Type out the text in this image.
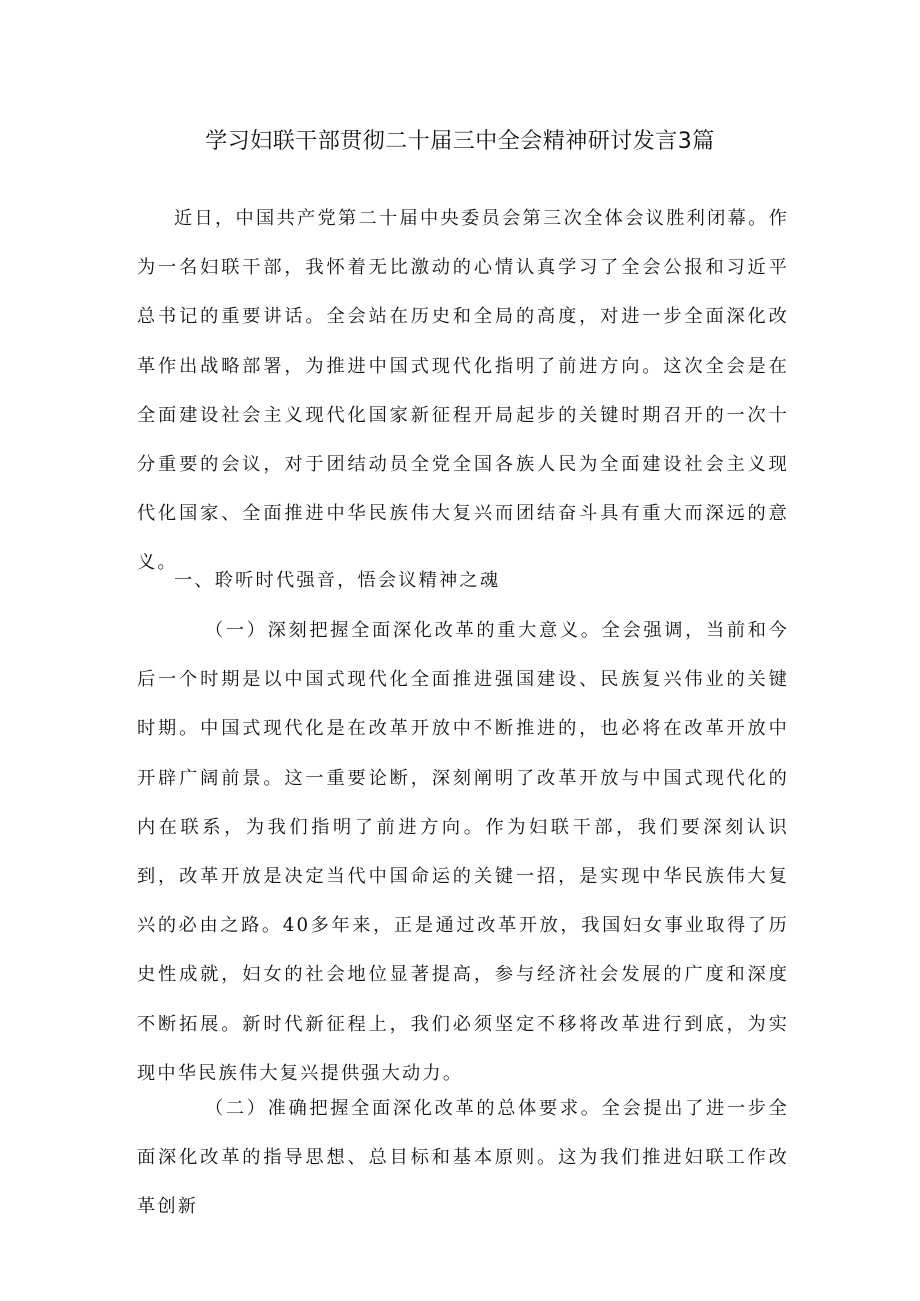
学习妇联干部贯彻二十届三中全会精神研讨发言3篇

近日，中国共产党第二十届中央委员会第三次全体会议胜利闭幕。作为一名妇联干部，我怀着无比激动的心情认真学习了全会公报和习近平总书记的重要讲话。全会站在历史和全局的高度，对进一步全面深化改革作出战略部署，为推进中国式现代化指明了前进方向。这次全会是在全面建设社会主义现代化国家新征程开局起步的关键时期召开的一次十分重要的会议，对于团结动员全党全国各族人民为全面建设社会主义现代化国家、全面推进中华民族伟大复兴而团结奋斗具有重大而深远的意义。

一、聆听时代强音，悟会议精神之魂

（一）深刻把握全面深化改革的重大意义。全会强调，当前和今后一个时期是以中国式现代化全面推进强国建设、民族复兴伟业的关键时期。中国式现代化是在改革开放中不断推进的，也必将在改革开放中开辟广阔前景。这一重要论断，深刻阐明了改革开放与中国式现代化的内在联系，为我们指明了前进方向。作为妇联干部，我们要深刻认识到，改革开放是决定当代中国命运的关键一招，是实现中华民族伟大复兴的必由之路。40多年来，正是通过改革开放，我国妇女事业取得了历史性成就，妇女的社会地位显著提高，参与经济社会发展的广度和深度不断拓展。新时代新征程上，我们必须坚定不移将改革进行到底，为实现中华民族伟大复兴提供强大动力。

（二）准确把握全面深化改革的总体要求。全会提出了进一步全面深化改革的指导思想、总目标和基本原则。这为我们推进妇联工作改革创新
